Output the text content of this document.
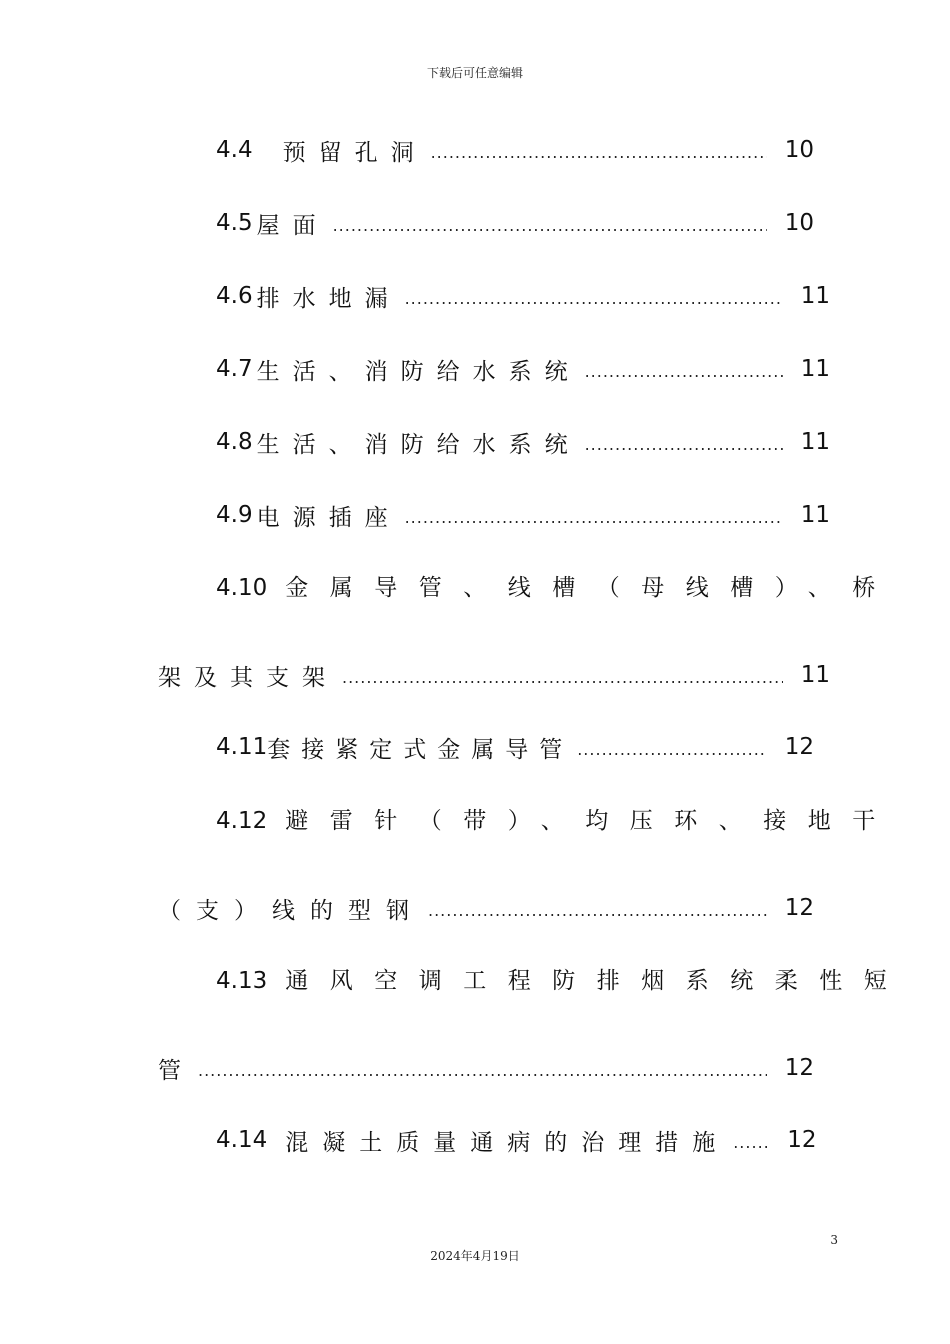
下载后可任意编辑
4.4 预留孔洞 .....	10
4.5 屋面 .....	10
4.6 排水地漏 .....	11
4.7 生活、消防给水系统 .....	11
4.8 生活、消防给水系统 .....	11
4.9 电源插座 .....	11
4.10 金属导管、线槽（母线槽）、桥
架及其支架 .....	11
4.11 套接紧定式金属导管 .....	12
4.12 避雷针（带）、均压环、接地干
（支）线的型钢 .....	12
4.13 通风空调工程防排烟系统柔性短
管 .....	12
4.14 混凝土质量通病的治理措施 .....	12
3
2024年4月19日
